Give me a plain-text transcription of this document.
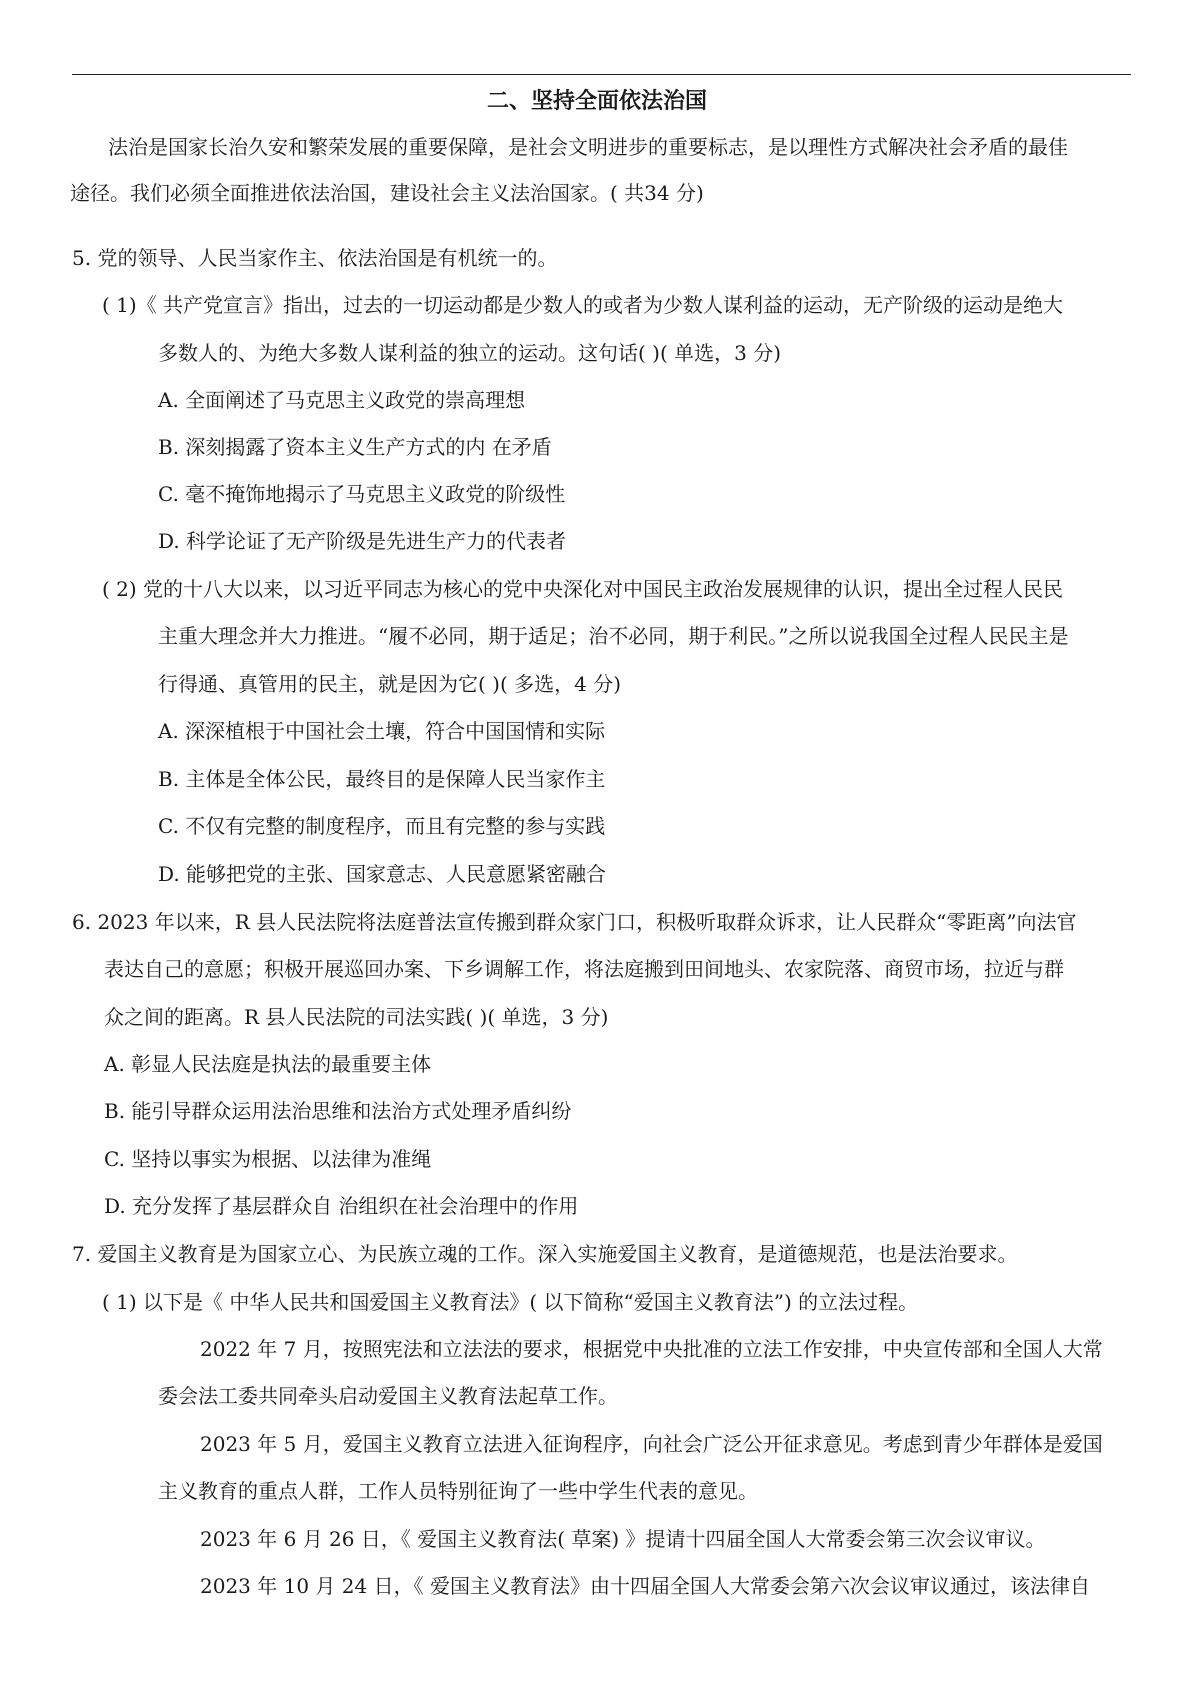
二、坚持全面依法治国
法治是国家长治久安和繁荣发展的重要保障，是社会文明进步的重要标志，是以理性方式解决社会矛盾的最佳
途径。我们必须全面推进依法治国，建设社会主义法治国家。( 共34 分)
5. 党的领导、人民当家作主、依法治国是有机统一的。
( 1)《 共产党宣言》指出，过去的一切运动都是少数人的或者为少数人谋利益的运动，无产阶级的运动是绝大
多数人的、为绝大多数人谋利益的独立的运动。这句话( )( 单选，3 分)
A. 全面阐述了马克思主义政党的崇高理想
B. 深刻揭露了资本主义生产方式的内 在矛盾
C. 毫不掩饰地揭示了马克思主义政党的阶级性
D. 科学论证了无产阶级是先进生产力的代表者
( 2) 党的十八大以来，以习近平同志为核心的党中央深化对中国民主政治发展规律的认识，提出全过程人民民
主重大理念并大力推进。“履不必同，期于适足；治不必同，期于利民。”之所以说我国全过程人民民主是
行得通、真管用的民主，就是因为它( )( 多选，4 分)
A. 深深植根于中国社会土壤，符合中国国情和实际
B. 主体是全体公民，最终目的是保障人民当家作主
C. 不仅有完整的制度程序，而且有完整的参与实践
D. 能够把党的主张、国家意志、人民意愿紧密融合
6. 2023 年以来，R 县人民法院将法庭普法宣传搬到群众家门口，积极听取群众诉求，让人民群众“零距离”向法官
表达自己的意愿；积极开展巡回办案、下乡调解工作，将法庭搬到田间地头、农家院落、商贸市场，拉近与群
众之间的距离。R 县人民法院的司法实践( )( 单选，3 分)
A. 彰显人民法庭是执法的最重要主体
B. 能引导群众运用法治思维和法治方式处理矛盾纠纷
C. 坚持以事实为根据、以法律为准绳
D. 充分发挥了基层群众自 治组织在社会治理中的作用
7. 爱国主义教育是为国家立心、为民族立魂的工作。深入实施爱国主义教育，是道德规范，也是法治要求。
( 1) 以下是《 中华人民共和国爱国主义教育法》( 以下简称“爱国主义教育法”) 的立法过程。
2022 年 7 月，按照宪法和立法法的要求，根据党中央批准的立法工作安排，中央宣传部和全国人大常
委会法工委共同牵头启动爱国主义教育法起草工作。
2023 年 5 月，爱国主义教育立法进入征询程序，向社会广泛公开征求意见。考虑到青少年群体是爱国
主义教育的重点人群，工作人员特别征询了一些中学生代表的意见。
2023 年 6 月 26 日，《 爱国主义教育法( 草案) 》提请十四届全国人大常委会第三次会议审议。
2023 年 10 月 24 日，《 爱国主义教育法》由十四届全国人大常委会第六次会议审议通过，该法律自
